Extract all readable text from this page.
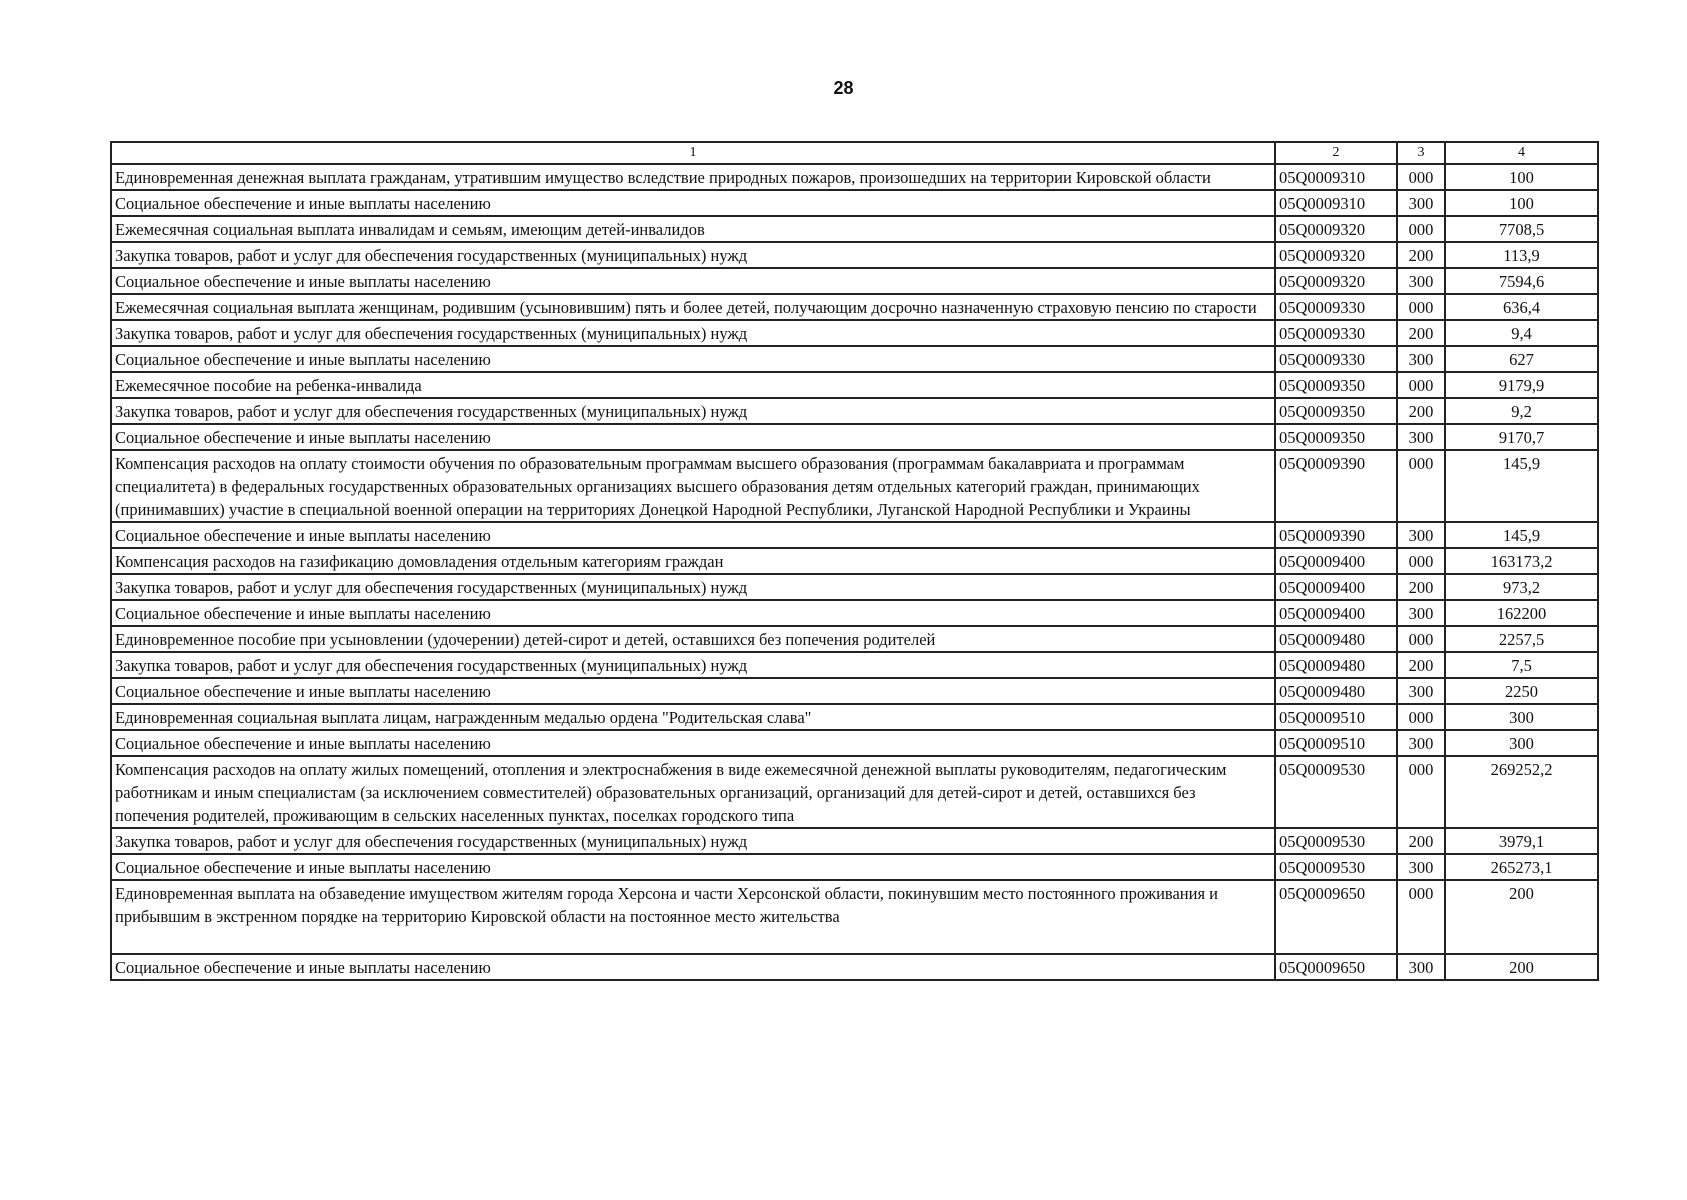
28
1	2	3	4
Единовременная денежная выплата гражданам, утратившим имущество вследствие природных пожаров, произошедших на территории Кировской области	05Q0009310	000	100
Социальное обеспечение и иные выплаты населению	05Q0009310	300	100
Ежемесячная социальная выплата инвалидам и семьям, имеющим детей-инвалидов	05Q0009320	000	7708,5
Закупка товаров, работ и услуг для обеспечения государственных (муниципальных) нужд	05Q0009320	200	113,9
Социальное обеспечение и иные выплаты населению	05Q0009320	300	7594,6
Ежемесячная социальная выплата женщинам, родившим (усыновившим) пять и более детей, получающим досрочно назначенную страховую пенсию по старости	05Q0009330	000	636,4
Закупка товаров, работ и услуг для обеспечения государственных (муниципальных) нужд	05Q0009330	200	9,4
Социальное обеспечение и иные выплаты населению	05Q0009330	300	627
Ежемесячное пособие на ребенка-инвалида	05Q0009350	000	9179,9
Закупка товаров, работ и услуг для обеспечения государственных (муниципальных) нужд	05Q0009350	200	9,2
Социальное обеспечение и иные выплаты населению	05Q0009350	300	9170,7
Компенсация расходов на оплату стоимости обучения по образовательным программам высшего образования (программам бакалавриата и программам специалитета) в федеральных государственных образовательных организациях высшего образования детям отдельных категорий граждан, принимающих (принимавших) участие в специальной военной операции на территориях Донецкой Народной Республики, Луганской Народной Республики и Украины	05Q0009390	000	145,9
Социальное обеспечение и иные выплаты населению	05Q0009390	300	145,9
Компенсация расходов на газификацию домовладения отдельным категориям граждан	05Q0009400	000	163173,2
Закупка товаров, работ и услуг для обеспечения государственных (муниципальных) нужд	05Q0009400	200	973,2
Социальное обеспечение и иные выплаты населению	05Q0009400	300	162200
Единовременное пособие при усыновлении (удочерении) детей-сирот и детей, оставшихся без попечения родителей	05Q0009480	000	2257,5
Закупка товаров, работ и услуг для обеспечения государственных (муниципальных) нужд	05Q0009480	200	7,5
Социальное обеспечение и иные выплаты населению	05Q0009480	300	2250
Единовременная социальная выплата лицам, награжденным медалью ордена "Родительская слава"	05Q0009510	000	300
Социальное обеспечение и иные выплаты населению	05Q0009510	300	300
Компенсация расходов на оплату жилых помещений, отопления и электроснабжения в виде ежемесячной денежной выплаты руководителям, педагогическим работникам и иным специалистам (за исключением совместителей) образовательных организаций, организаций для детей-сирот и детей, оставшихся без попечения родителей, проживающим в сельских населенных пунктах, поселках городского типа	05Q0009530	000	269252,2
Закупка товаров, работ и услуг для обеспечения государственных (муниципальных) нужд	05Q0009530	200	3979,1
Социальное обеспечение и иные выплаты населению	05Q0009530	300	265273,1
Единовременная выплата на обзаведение имуществом жителям города Херсона и части Херсонской области, покинувшим место постоянного проживания и прибывшим в экстренном порядке на территорию Кировской области на постоянное место жительства	05Q0009650	000	200
Социальное обеспечение и иные выплаты населению	05Q0009650	300	200
